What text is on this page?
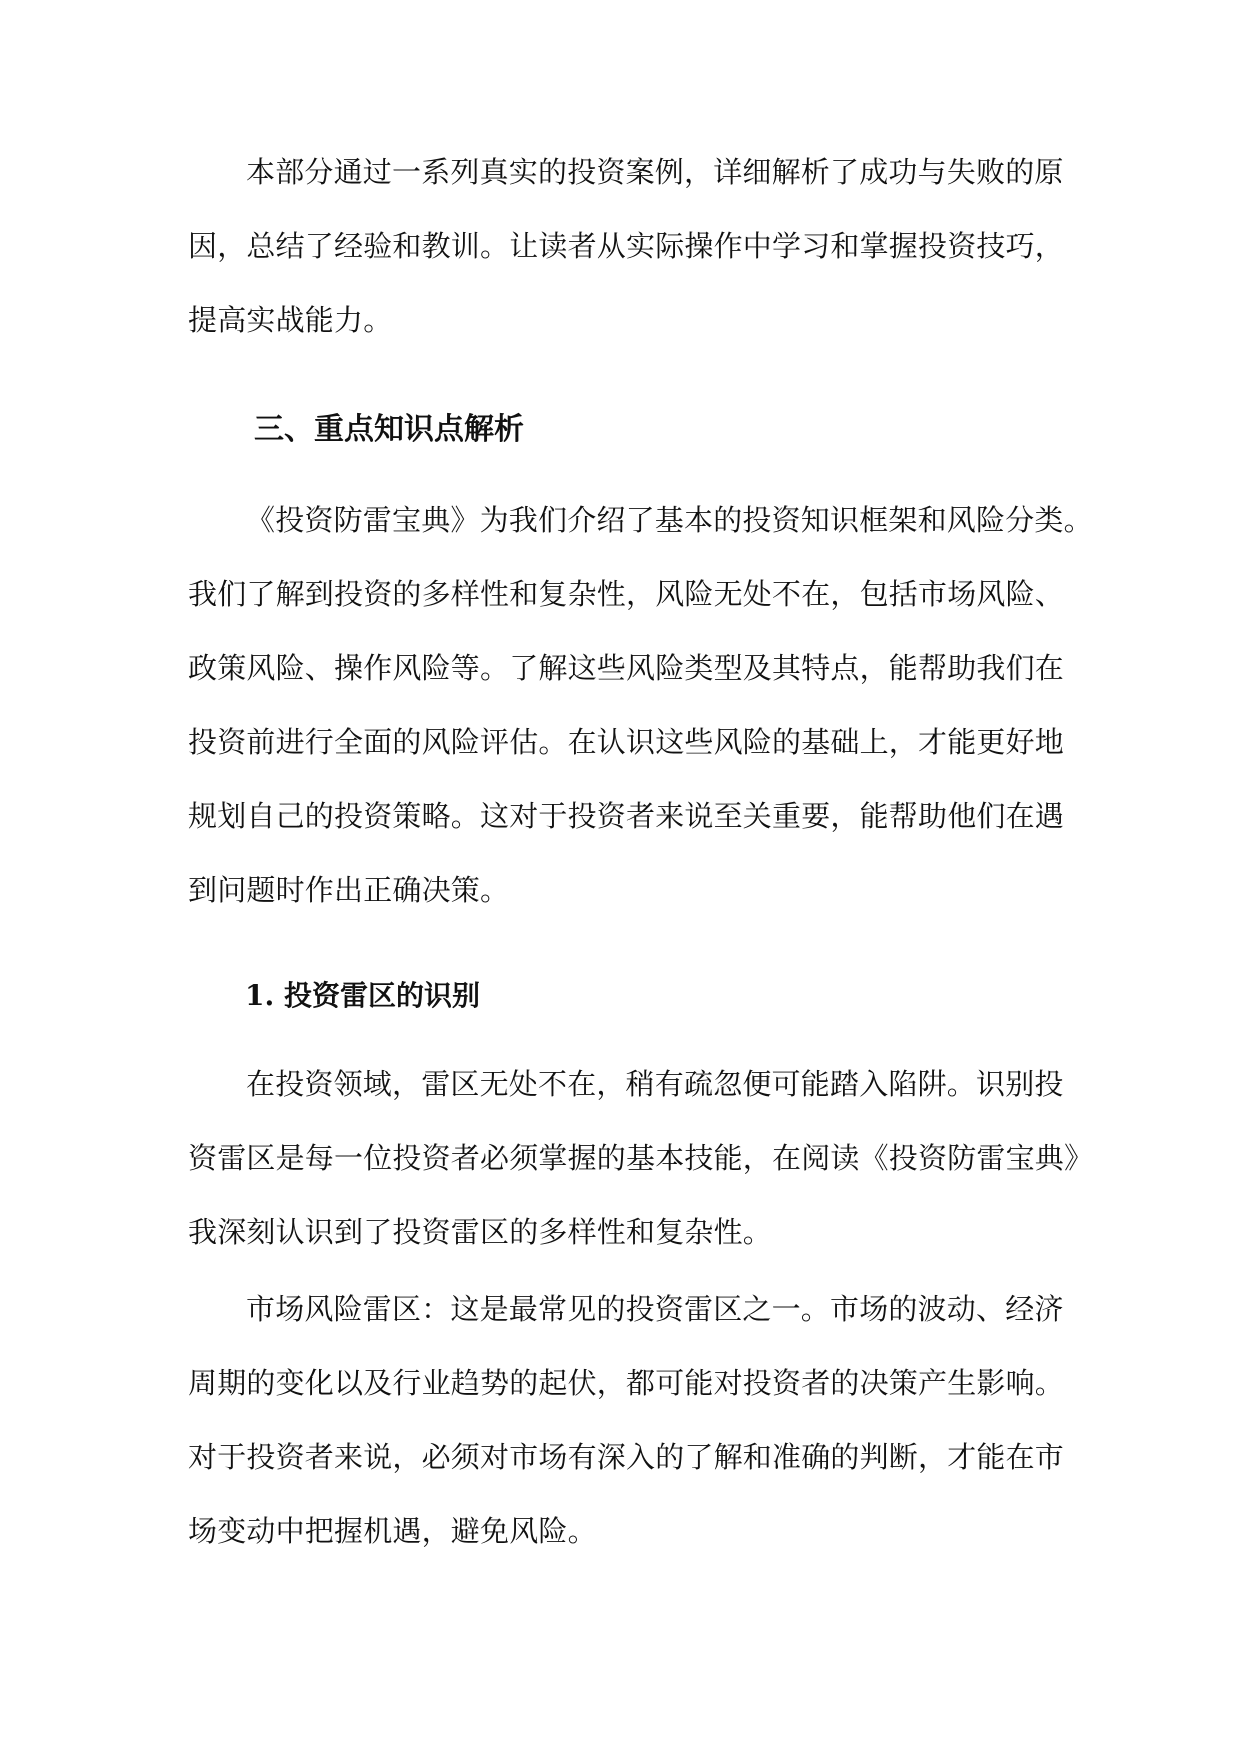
本部分通过一系列真实的投资案例，详细解析了成功与失败的原
因，总结了经验和教训。让读者从实际操作中学习和掌握投资技巧，
提高实战能力。
三、重点知识点解析
《投资防雷宝典》为我们介绍了基本的投资知识框架和风险分类。
我们了解到投资的多样性和复杂性，风险无处不在，包括市场风险、
政策风险、操作风险等。了解这些风险类型及其特点，能帮助我们在
投资前进行全面的风险评估。在认识这些风险的基础上，才能更好地
规划自己的投资策略。这对于投资者来说至关重要，能帮助他们在遇
到问题时作出正确决策。
1. 投资雷区的识别
在投资领域，雷区无处不在，稍有疏忽便可能踏入陷阱。识别投
资雷区是每一位投资者必须掌握的基本技能，在阅读《投资防雷宝典》
我深刻认识到了投资雷区的多样性和复杂性。
市场风险雷区：这是最常见的投资雷区之一。市场的波动、经济
周期的变化以及行业趋势的起伏，都可能对投资者的决策产生影响。
对于投资者来说，必须对市场有深入的了解和准确的判断，才能在市
场变动中把握机遇，避免风险。
